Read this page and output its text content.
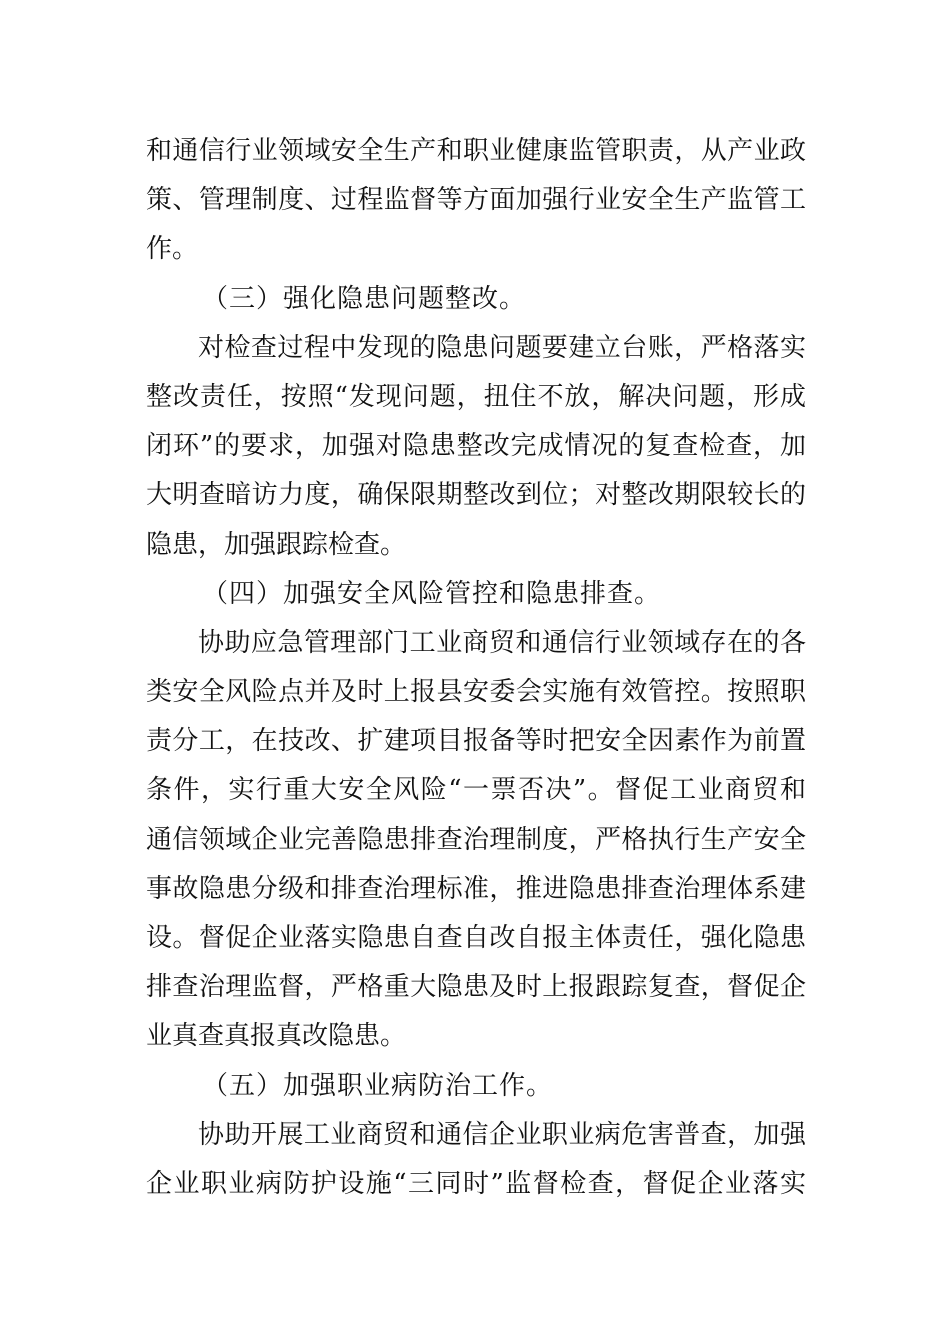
和通信行业领域安全生产和职业健康监管职责，从产业政
策、管理制度、过程监督等方面加强行业安全生产监管工
作。
（三）强化隐患问题整改。
对检查过程中发现的隐患问题要建立台账，严格落实
整改责任，按照“发现问题，扭住不放，解决问题，形成
闭环”的要求，加强对隐患整改完成情况的复查检查，加
大明查暗访力度，确保限期整改到位；对整改期限较长的
隐患，加强跟踪检查。
（四）加强安全风险管控和隐患排查。
协助应急管理部门工业商贸和通信行业领域存在的各
类安全风险点并及时上报县安委会实施有效管控。按照职
责分工，在技改、扩建项目报备等时把安全因素作为前置
条件，实行重大安全风险“一票否决”。督促工业商贸和
通信领域企业完善隐患排查治理制度，严格执行生产安全
事故隐患分级和排查治理标准，推进隐患排查治理体系建
设。督促企业落实隐患自查自改自报主体责任，强化隐患
排查治理监督，严格重大隐患及时上报跟踪复查，督促企
业真查真报真改隐患。
（五）加强职业病防治工作。
协助开展工业商贸和通信企业职业病危害普查，加强
企业职业病防护设施“三同时”监督检查，督促企业落实
